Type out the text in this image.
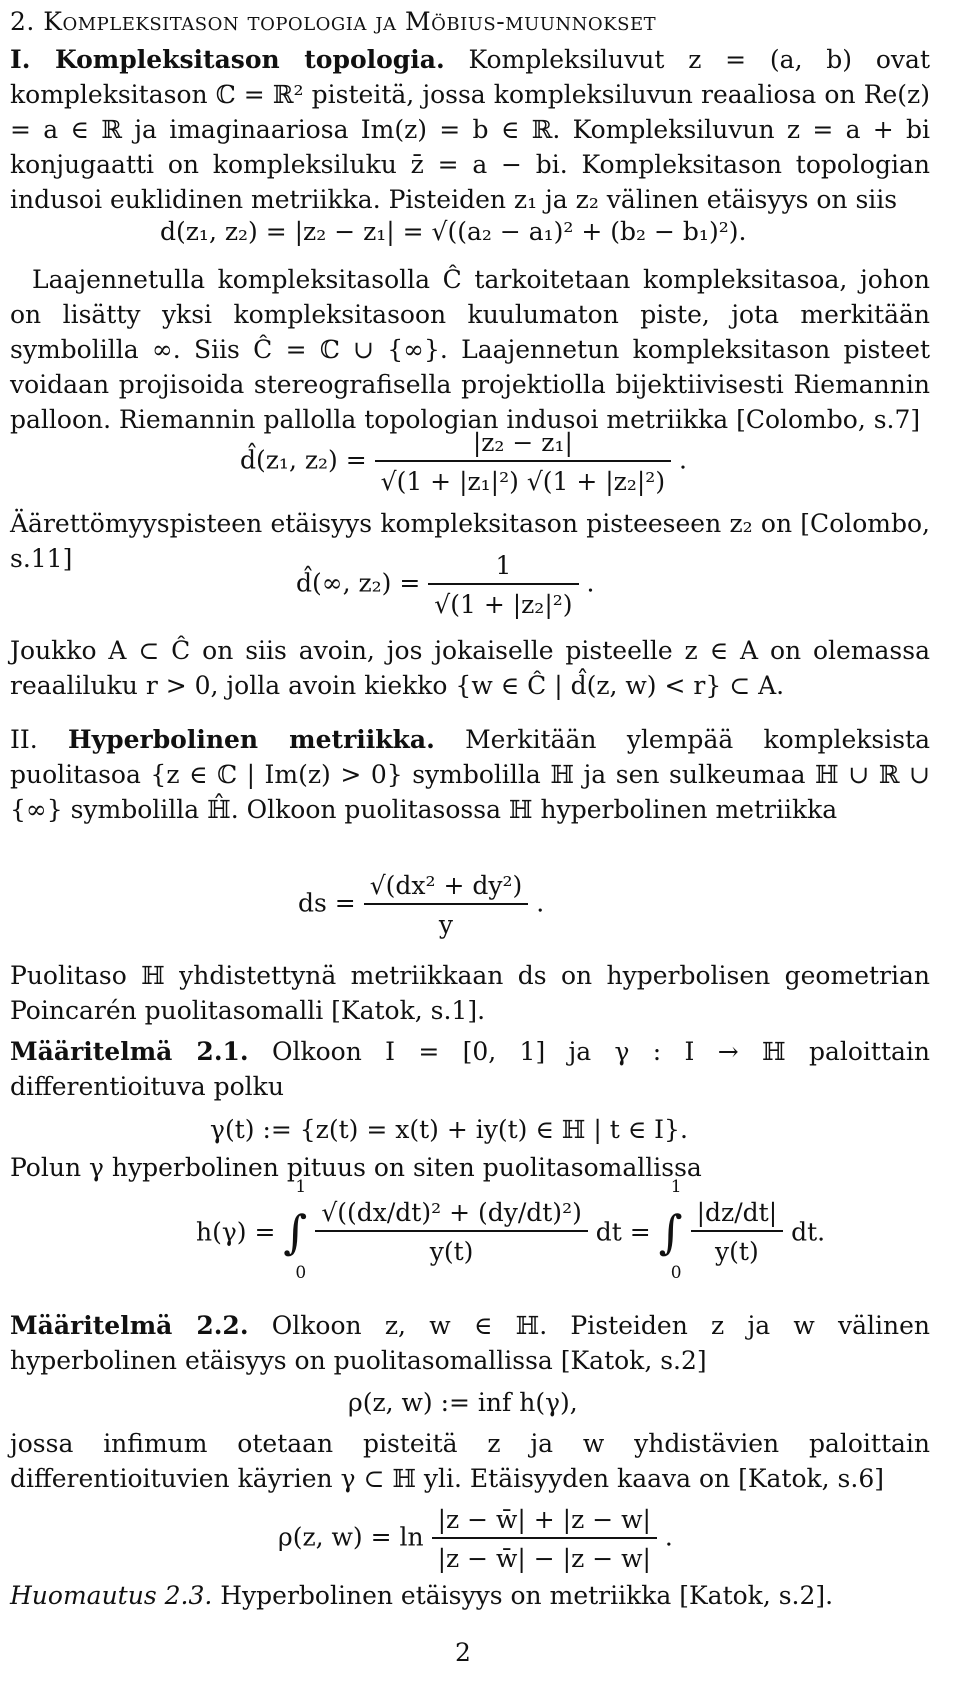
2. Kompleksitason topologia ja Möbius-muunnokset

I. Kompleksitason topologia. Kompleksiluvut z = (a, b) ovat kompleksitason ℂ = ℝ² pisteitä, jossa kompleksiluvun reaaliosa on Re(z) = a ∈ ℝ ja imaginaariosa Im(z) = b ∈ ℝ. Kompleksiluvun z = a + bi konjugaatti on kompleksiluku z̄ = a − bi. Kompleksitason topologian indusoi euklidinen metriikka. Pisteiden z₁ ja z₂ välinen etäisyys on siis

d(z₁, z₂) = |z₂ − z₁| = √((a₂ − a₁)² + (b₂ − b₁)²).

Laajennetulla kompleksitasolla Ĉ tarkoitetaan kompleksitasoa, johon on lisätty yksi kompleksitasoon kuulumaton piste, jota merkitään symbolilla ∞. Siis Ĉ = ℂ ∪ {∞}. Laajennetun kompleksitason pisteet voidaan projisoida stereografisella projektiolla bijektiivisesti Riemannin palloon. Riemannin pallolla topologian indusoi metriikka [Colombo, s.7]

d̂(z₁, $z_2) = \frac{\text{|z₂ − z₁|}}{\text{√(1 + |z₁|²) √(1 + |z₂|²)}}$ .

Äärettömyyspisteen etäisyys kompleksitason pisteeseen z₂ on [Colombo, s.11]

d̂(∞, $z_2) = \frac{1}{\text{√(1 + |z₂|²)}}$ .

Joukko A ⊂ Ĉ on siis avoin, jos jokaiselle pisteelle z ∈ A on olemassa reaaliluku r > 0, jolla avoin kiekko {w ∈ Ĉ | d̂(z, w) < r} ⊂ A.

II. Hyperbolinen metriikka. Merkitään ylempää kompleksista puolitasoa {z ∈ ℂ | Im(z) > 0} symbolilla ℍ ja sen sulkeumaa ℍ ∪ ℝ ∪ {∞} symbolilla ℍ̂. Olkoon puolitasossa ℍ hyperbolinen metriikka

ds = $\frac{\text{√(dx² + dy²)}}{y}$ .

Puolitaso ℍ yhdistettynä metriikkaan ds on hyperbolisen geometrian Poincarén puolitasomalli [Katok, s.1].

Määritelmä 2.1. Olkoon I = [0, 1] ja γ : I → ℍ paloittain differentioituva polku

γ(t) := {z(t) = x(t) + iy(t) ∈ ℍ | t ∈ I}.

Polun γ hyperbolinen pituus on siten puolitasomallissa

h(γ) = ∫
1
0

$\frac{\text{√((dx/dt)² + (dy/dt)²)}}{y(t)}$ dt = ∫
1
0

$\frac{|dz/dt|}{y(t)}$ dt.

Määritelmä 2.2. Olkoon z, w ∈ ℍ. Pisteiden z ja w välinen hyperbolinen etäisyys on puolitasomallissa [Katok, s.2]

ρ(z, w) := inf h(γ),

jossa infimum otetaan pisteitä z ja w yhdistävien paloittain differentioituvien käyrien γ ⊂ ℍ yli. Etäisyyden kaava on [Katok, s.6]

ρ(z, $w) = \ln \frac{|z - w̄| + |z - w|}{|z - w̄| - |z - w|}$ .

Huomautus 2.3. Hyperbolinen etäisyys on metriikka [Katok, s.2].

2
